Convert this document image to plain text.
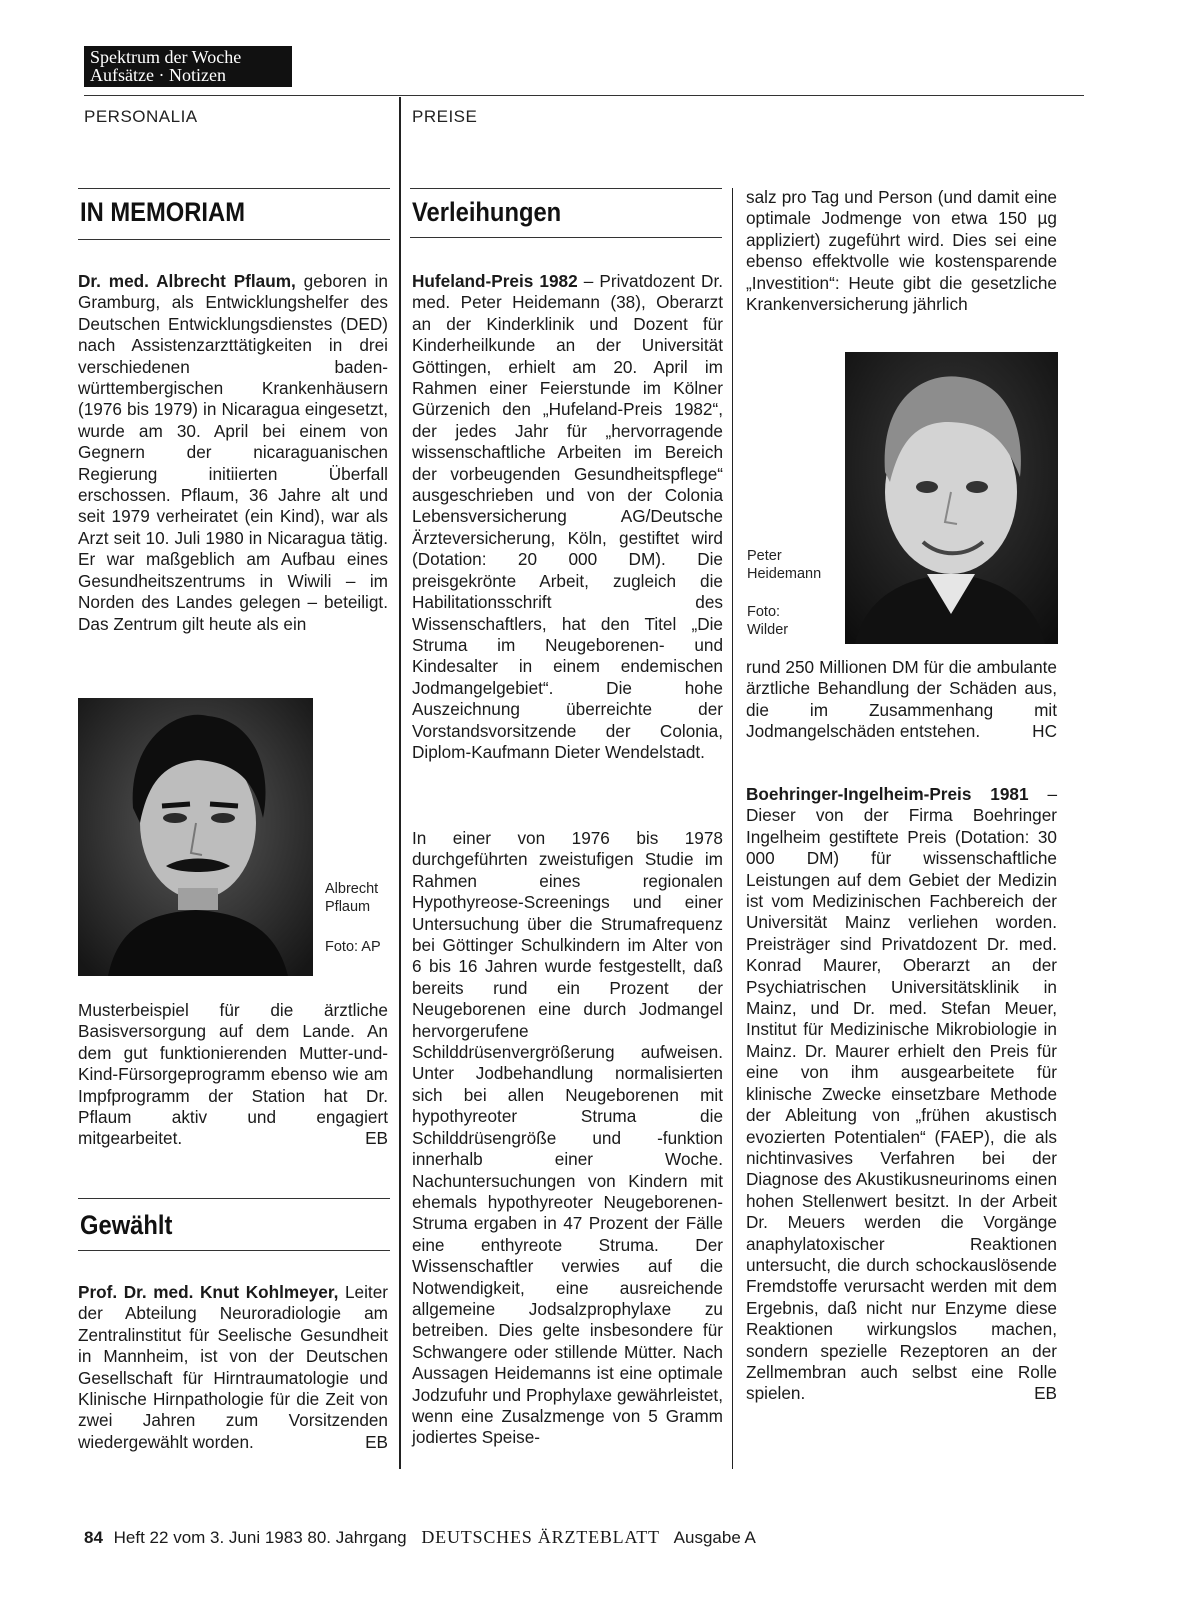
Spektrum der Woche
Aufsätze · Notizen
PERSONALIA	PREISE
IN MEMORIAM

Dr. med. Albrecht Pflaum, geboren in Gramburg, als Entwicklungshelfer des Deutschen Entwicklungsdienstes (DED) nach Assistenzarzttätigkeiten in drei verschiedenen baden-württembergischen Krankenhäusern (1976 bis 1979) in Nicaragua eingesetzt, wurde am 30. April bei einem von Gegnern der nicaraguanischen Regierung initiierten Überfall erschossen. Pflaum, 36 Jahre alt und seit 1979 verheiratet (ein Kind), war als Arzt seit 10. Juli 1980 in Nicaragua tätig. Er war maßgeblich am Aufbau eines Gesundheitszentrums in Wiwili – im Norden des Landes gelegen – beteiligt. Das Zentrum gilt heute als ein

Albrecht Pflaum
Foto: AP

Musterbeispiel für die ärztliche Basisversorgung auf dem Lande. An dem gut funktionierenden Mutter-und-Kind-Fürsorgeprogramm ebenso wie am Impfprogramm der Station hat Dr. Pflaum aktiv und engagiert mitgearbeitet.	EB

Gewählt

Prof. Dr. med. Knut Kohlmeyer, Leiter der Abteilung Neuroradiologie am Zentralinstitut für Seelische Gesundheit in Mannheim, ist von der Deutschen Gesellschaft für Hirntraumatologie und Klinische Hirnpathologie für die Zeit von zwei Jahren zum Vorsitzenden wiedergewählt worden.	EB

Verleihungen

Hufeland-Preis 1982 – Privatdozent Dr. med. Peter Heidemann (38), Oberarzt an der Kinderklinik und Dozent für Kinderheilkunde an der Universität Göttingen, erhielt am 20. April im Rahmen einer Feierstunde im Kölner Gürzenich den „Hufeland-Preis 1982“, der jedes Jahr für „hervorragende wissenschaftliche Arbeiten im Bereich der vorbeugenden Gesundheitspflege“ ausgeschrieben und von der Colonia Lebensversicherung AG/Deutsche Ärzteversicherung, Köln, gestiftet wird (Dotation: 20 000 DM). Die preisgekrönte Arbeit, zugleich die Habilitationsschrift des Wissenschaftlers, hat den Titel „Die Struma im Neugeborenen- und Kindesalter in einem endemischen Jodmangelgebiet“. Die hohe Auszeichnung überreichte der Vorstandsvorsitzende der Colonia, Diplom-Kaufmann Dieter Wendelstadt.

In einer von 1976 bis 1978 durchgeführten zweistufigen Studie im Rahmen eines regionalen Hypothyreose-Screenings und einer Untersuchung über die Strumafrequenz bei Göttinger Schulkindern im Alter von 6 bis 16 Jahren wurde festgestellt, daß bereits rund ein Prozent der Neugeborenen eine durch Jodmangel hervorgerufene Schilddrüsenvergrößerung aufweisen. Unter Jodbehandlung normalisierten sich bei allen Neugeborenen mit hypothyreoter Struma die Schilddrüsengröße und -funktion innerhalb einer Woche. Nachuntersuchungen von Kindern mit ehemals hypothyreoter Neugeborenen-Struma ergaben in 47 Prozent der Fälle eine enthyreote Struma. Der Wissenschaftler verwies auf die Notwendigkeit, eine ausreichende allgemeine Jodsalzprophylaxe zu betreiben. Dies gelte insbesondere für Schwangere oder stillende Mütter. Nach Aussagen Heidemanns ist eine optimale Jodzufuhr und Prophylaxe gewährleistet, wenn eine Zusalzmenge von 5 Gramm jodiertes Speise-

salz pro Tag und Person (und damit eine optimale Jodmenge von etwa 150 µg appliziert) zugeführt wird. Dies sei eine ebenso effektvolle wie kostensparende „Investition“: Heute gibt die gesetzliche Krankenversicherung jährlich

Peter Heidemann
Foto: Wilder

rund 250 Millionen DM für die ambulante ärztliche Behandlung der Schäden aus, die im Zusammenhang mit Jodmangelschäden entstehen.	HC

Boehringer-Ingelheim-Preis 1981 – Dieser von der Firma Boehringer Ingelheim gestiftete Preis (Dotation: 30 000 DM) für wissenschaftliche Leistungen auf dem Gebiet der Medizin ist vom Medizinischen Fachbereich der Universität Mainz verliehen worden. Preisträger sind Privatdozent Dr. med. Konrad Maurer, Oberarzt an der Psychiatrischen Universitätsklinik in Mainz, und Dr. med. Stefan Meuer, Institut für Medizinische Mikrobiologie in Mainz. Dr. Maurer erhielt den Preis für eine von ihm ausgearbeitete für klinische Zwecke einsetzbare Methode der Ableitung von „frühen akustisch evozierten Potentialen“ (FAEP), die als nichtinvasives Verfahren bei der Diagnose des Akustikusneurinoms einen hohen Stellenwert besitzt. In der Arbeit Dr. Meuers werden die Vorgänge anaphylatoxischer Reaktionen untersucht, die durch schockauslösende Fremdstoffe verursacht werden mit dem Ergebnis, daß nicht nur Enzyme diese Reaktionen wirkungslos machen, sondern spezielle Rezeptoren an der Zellmembran auch selbst eine Rolle spielen.	EB

84 Heft 22 vom 3. Juni 1983 80. Jahrgang DEUTSCHES ÄRZTEBLATT Ausgabe A
